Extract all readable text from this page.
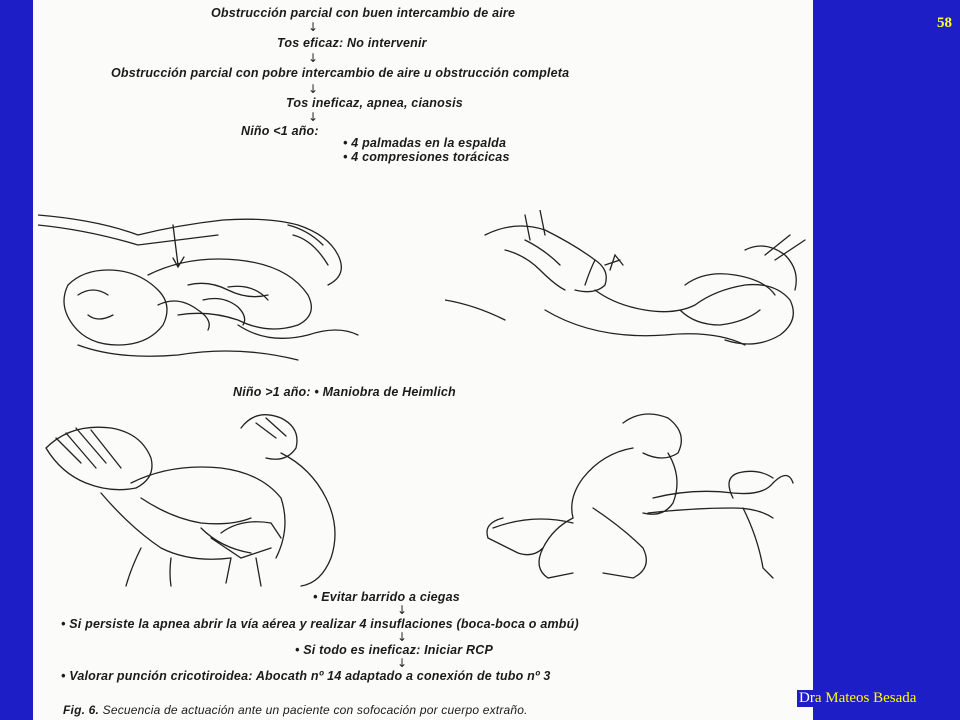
Obstrucción parcial con buen intercambio de aire
↓
Tos eficaz: No intervenir
↓
Obstrucción parcial con pobre intercambio de aire u obstrucción completa
↓
Tos ineficaz, apnea, cianosis
↓
Niño <1 año:
• 4 palmadas en la espalda
• 4 compresiones torácicas
Niño >1 año: • Maniobra de Heimlich
• Evitar barrido a ciegas
↓
• Si persiste la apnea abrir la vía aérea y realizar 4 insuflaciones (boca-boca o ambú)
↓
• Si todo es ineficaz: Iniciar RCP
↓
• Valorar punción cricotiroidea: Abocath nº 14 adaptado a conexión de tubo nº 3
Fig. 6. Secuencia de actuación ante un paciente con sofocación por cuerpo extraño.
58
Dra Mateos Besada
